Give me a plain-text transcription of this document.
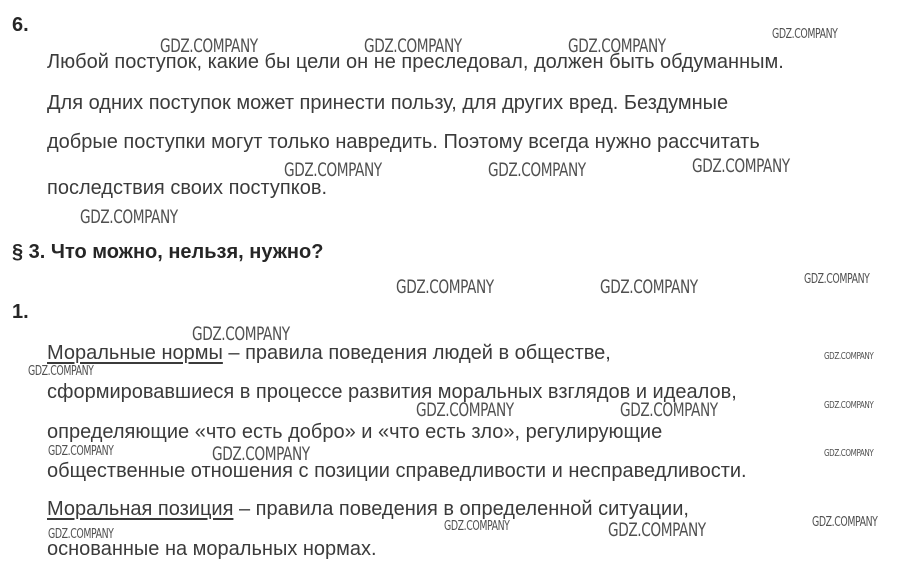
6.
Любой поступок, какие бы цели он не преследовал, должен быть обдуманным.
Для одних поступок может принести пользу, для других вред. Бездумные
добрые поступки могут только навредить. Поэтому всегда нужно рассчитать
последствия своих поступков.
§ 3. Что можно, нельзя, нужно?
1.
Моральные нормы – правила поведения людей в обществе,
сформировавшиеся в процессе развития моральных взглядов и идеалов,
определяющие «что есть добро» и «что есть зло», регулирующие
общественные отношения с позиции справедливости и несправедливости.
Моральная позиция – правила поведения в определенной ситуации,
основанные на моральных нормах.
GDZ.COMPANY	GDZ.COMPANY	GDZ.COMPANY
GDZ.COMPANY
GDZ.COMPANY	GDZ.COMPANY	GDZ.COMPANY
GDZ.COMPANY
GDZ.COMPANY	GDZ.COMPANY	GDZ.COMPANY
GDZ.COMPANY
GDZ.COMPANY
GDZ.COMPANY
GDZ.COMPANY	GDZ.COMPANY	GDZ.COMPANY
GDZ.COMPANY	GDZ.COMPANY	GDZ.COMPANY
GDZ.COMPANY	GDZ.COMPANY	GDZ.COMPANY
GDZ.COMPANY
